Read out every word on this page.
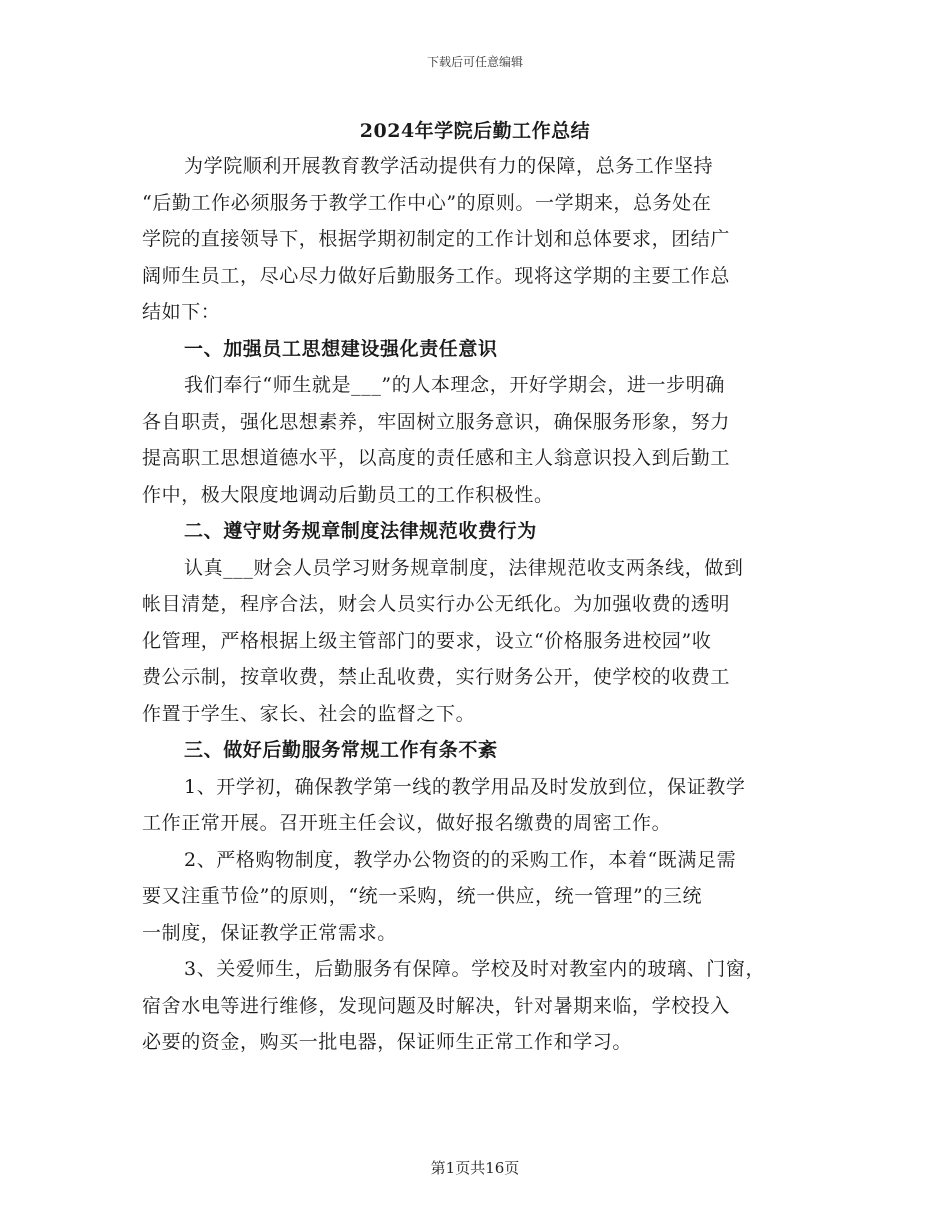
下载后可任意编辑
2024年学院后勤工作总结
为学院顺利开展教育教学活动提供有力的保障，总务工作坚持
“后勤工作必须服务于教学工作中心”的原则。一学期来，总务处在
学院的直接领导下，根据学期初制定的工作计划和总体要求，团结广
阔师生员工，尽心尽力做好后勤服务工作。现将这学期的主要工作总
结如下：
一、加强员工思想建设强化责任意识
我们奉行“师生就是___”的人本理念，开好学期会，进一步明确
各自职责，强化思想素养，牢固树立服务意识，确保服务形象，努力
提高职工思想道德水平，以高度的责任感和主人翁意识投入到后勤工
作中，极大限度地调动后勤员工的工作积极性。
二、遵守财务规章制度法律规范收费行为
认真___财会人员学习财务规章制度，法律规范收支两条线，做到
帐目清楚，程序合法，财会人员实行办公无纸化。为加强收费的透明
化管理，严格根据上级主管部门的要求，设立“价格服务进校园”收
费公示制，按章收费，禁止乱收费，实行财务公开，使学校的收费工
作置于学生、家长、社会的监督之下。
三、做好后勤服务常规工作有条不紊
1、开学初，确保教学第一线的教学用品及时发放到位，保证教学
工作正常开展。召开班主任会议，做好报名缴费的周密工作。
2、严格购物制度，教学办公物资的的采购工作，本着“既满足需
要又注重节俭”的原则，“统一采购，统一供应，统一管理”的三统
一制度，保证教学正常需求。
3、关爱师生，后勤服务有保障。学校及时对教室内的玻璃、门窗，
宿舍水电等进行维修，发现问题及时解决，针对暑期来临，学校投入
必要的资金，购买一批电器，保证师生正常工作和学习。
第1页共16页
